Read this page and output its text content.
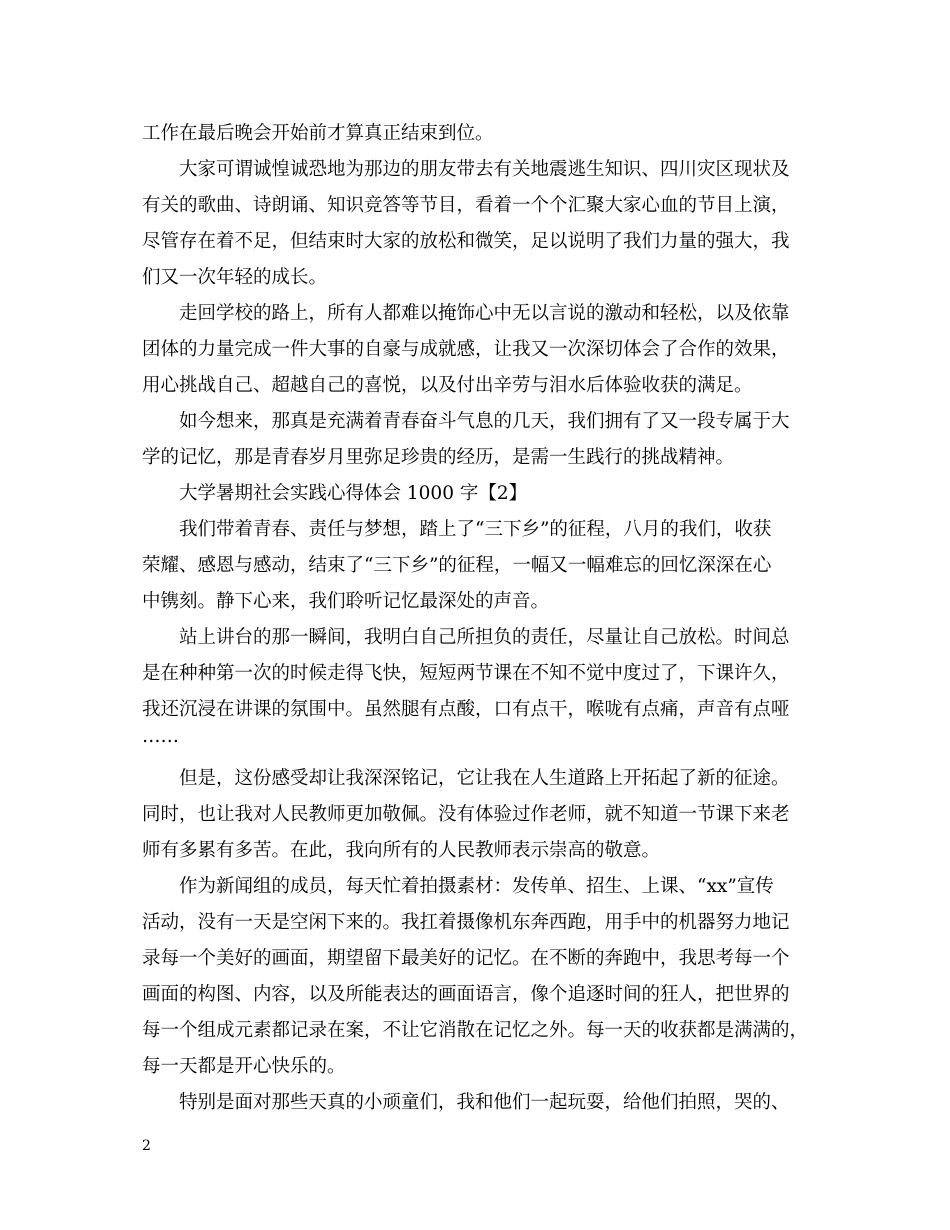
工作在最后晚会开始前才算真正结束到位。
大家可谓诚惶诚恐地为那边的朋友带去有关地震逃生知识、四川灾区现状及
有关的歌曲、诗朗诵、知识竞答等节目，看着一个个汇聚大家心血的节目上演，
尽管存在着不足，但结束时大家的放松和微笑，足以说明了我们力量的强大，我
们又一次年轻的成长。
走回学校的路上，所有人都难以掩饰心中无以言说的激动和轻松，以及依靠
团体的力量完成一件大事的自豪与成就感，让我又一次深切体会了合作的效果，
用心挑战自己、超越自己的喜悦，以及付出辛劳与泪水后体验收获的满足。
如今想来，那真是充满着青春奋斗气息的几天，我们拥有了又一段专属于大
学的记忆，那是青春岁月里弥足珍贵的经历，是需一生践行的挑战精神。
大学暑期社会实践心得体会 1000 字【2】
我们带着青春、责任与梦想，踏上了“三下乡”的征程，八月的我们，收获
荣耀、感恩与感动，结束了“三下乡”的征程，一幅又一幅难忘的回忆深深在心
中镌刻。静下心来，我们聆听记忆最深处的声音。
站上讲台的那一瞬间，我明白自己所担负的责任，尽量让自己放松。时间总
是在种种第一次的时候走得飞快，短短两节课在不知不觉中度过了，下课许久，
我还沉浸在讲课的氛围中。虽然腿有点酸，口有点干，喉咙有点痛，声音有点哑
……
但是，这份感受却让我深深铭记，它让我在人生道路上开拓起了新的征途。
同时，也让我对人民教师更加敬佩。没有体验过作老师，就不知道一节课下来老
师有多累有多苦。在此，我向所有的人民教师表示崇高的敬意。
作为新闻组的成员，每天忙着拍摄素材：发传单、招生、上课、“xx”宣传
活动，没有一天是空闲下来的。我扛着摄像机东奔西跑，用手中的机器努力地记
录每一个美好的画面，期望留下最美好的记忆。在不断的奔跑中，我思考每一个
画面的构图、内容，以及所能表达的画面语言，像个追逐时间的狂人，把世界的
每一个组成元素都记录在案，不让它消散在记忆之外。每一天的收获都是满满的，
每一天都是开心快乐的。
特别是面对那些天真的小顽童们，我和他们一起玩耍，给他们拍照，哭的、
2
